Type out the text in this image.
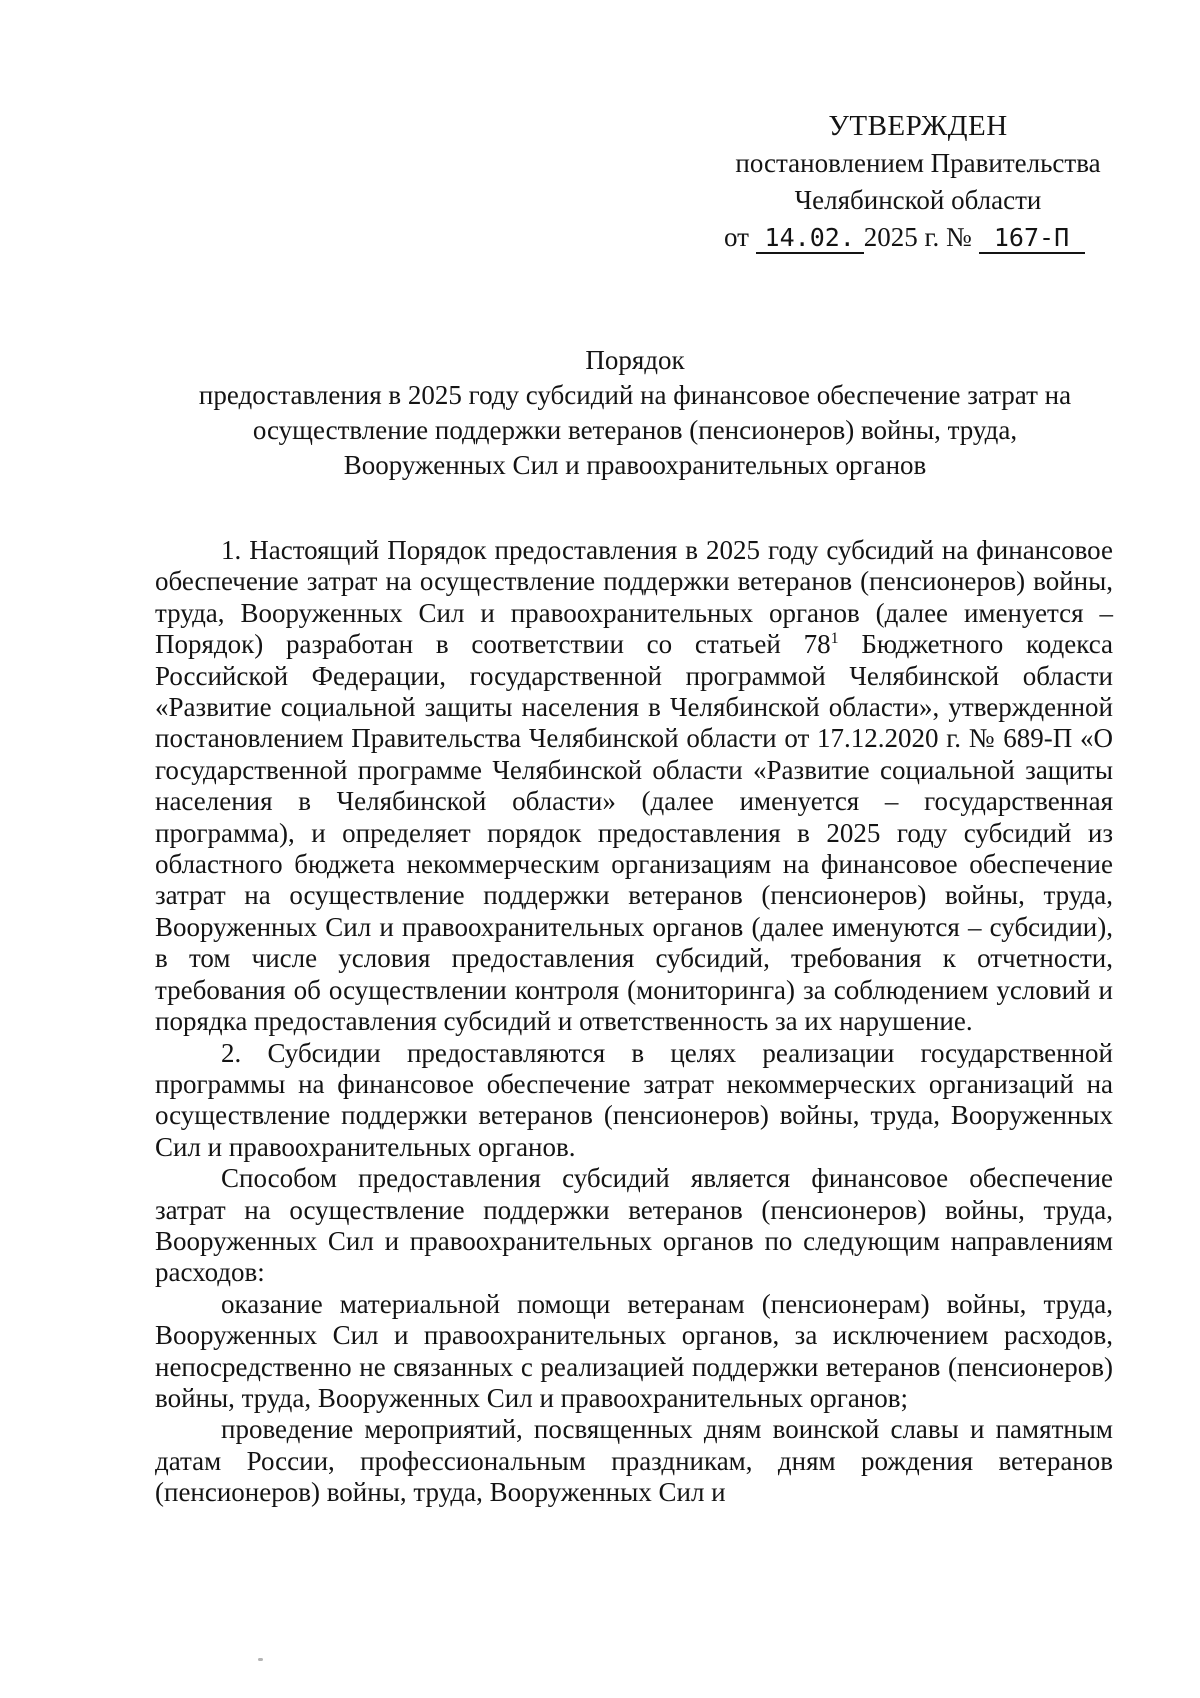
УТВЕРЖДЕН
постановлением Правительства
Челябинской области
от 14.02. 2025 г. № 167-П
Порядок
предоставления в 2025 году субсидий на финансовое обеспечение затрат на
осуществление поддержки ветеранов (пенсионеров) войны, труда,
Вооруженных Сил и правоохранительных органов

1. Настоящий Порядок предоставления в 2025 году субсидий на финансовое обеспечение затрат на осуществление поддержки ветеранов (пенсионеров) войны, труда, Вооруженных Сил и правоохранительных органов (далее именуется – Порядок) разработан в соответствии со статьей $78^1$ Бюджетного кодекса Российской Федерации, государственной программой Челябинской области «Развитие социальной защиты населения в Челябинской области», утвержденной постановлением Правительства Челябинской области от 17.12.2020 г. № 689-П «О государственной программе Челябинской области «Развитие социальной защиты населения в Челябинской области» (далее именуется – государственная программа), и определяет порядок предоставления в 2025 году субсидий из областного бюджета некоммерческим организациям на финансовое обеспечение затрат на осуществление поддержки ветеранов (пенсионеров) войны, труда, Вооруженных Сил и правоохранительных органов (далее именуются – субсидии), в том числе условия предоставления субсидий, требования к отчетности, требования об осуществлении контроля (мониторинга) за соблюдением условий и порядка предоставления субсидий и ответственность за их нарушение.

2. Субсидии предоставляются в целях реализации государственной программы на финансовое обеспечение затрат некоммерческих организаций на осуществление поддержки ветеранов (пенсионеров) войны, труда, Вооруженных Сил и правоохранительных органов.

Способом предоставления субсидий является финансовое обеспечение затрат на осуществление поддержки ветеранов (пенсионеров) войны, труда, Вооруженных Сил и правоохранительных органов по следующим направлениям расходов:

оказание материальной помощи ветеранам (пенсионерам) войны, труда, Вооруженных Сил и правоохранительных органов, за исключением расходов, непосредственно не связанных с реализацией поддержки ветеранов (пенсионеров) войны, труда, Вооруженных Сил и правоохранительных органов;

проведение мероприятий, посвященных дням воинской славы и памятным датам России, профессиональным праздникам, дням рождения ветеранов (пенсионеров) войны, труда, Вооруженных Сил и
